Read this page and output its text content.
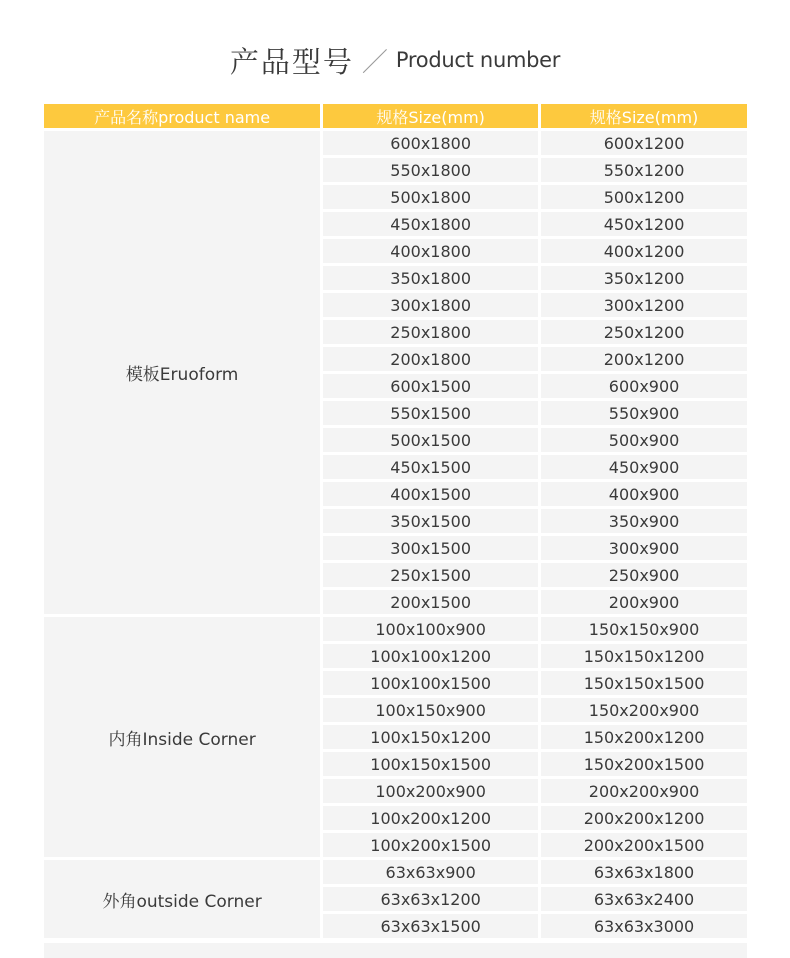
产品型号 ／ Product number
产品名称product name	规格Size(mm)	规格Size(mm)
模板Eruoform	600x1800	600x1200
	550x1800	550x1200
	500x1800	500x1200
	450x1800	450x1200
	400x1800	400x1200
	350x1800	350x1200
	300x1800	300x1200
	250x1800	250x1200
	200x1800	200x1200
	600x1500	600x900
	550x1500	550x900
	500x1500	500x900
	450x1500	450x900
	400x1500	400x900
	350x1500	350x900
	300x1500	300x900
	250x1500	250x900
	200x1500	200x900
内角Inside Corner	100x100x900	150x150x900
	100x100x1200	150x150x1200
	100x100x1500	150x150x1500
	100x150x900	150x200x900
	100x150x1200	150x200x1200
	100x150x1500	150x200x1500
	100x200x900	200x200x900
	100x200x1200	200x200x1200
	100x200x1500	200x200x1500
外角outside Corner	63x63x900	63x63x1800
	63x63x1200	63x63x2400
	63x63x1500	63x63x3000
